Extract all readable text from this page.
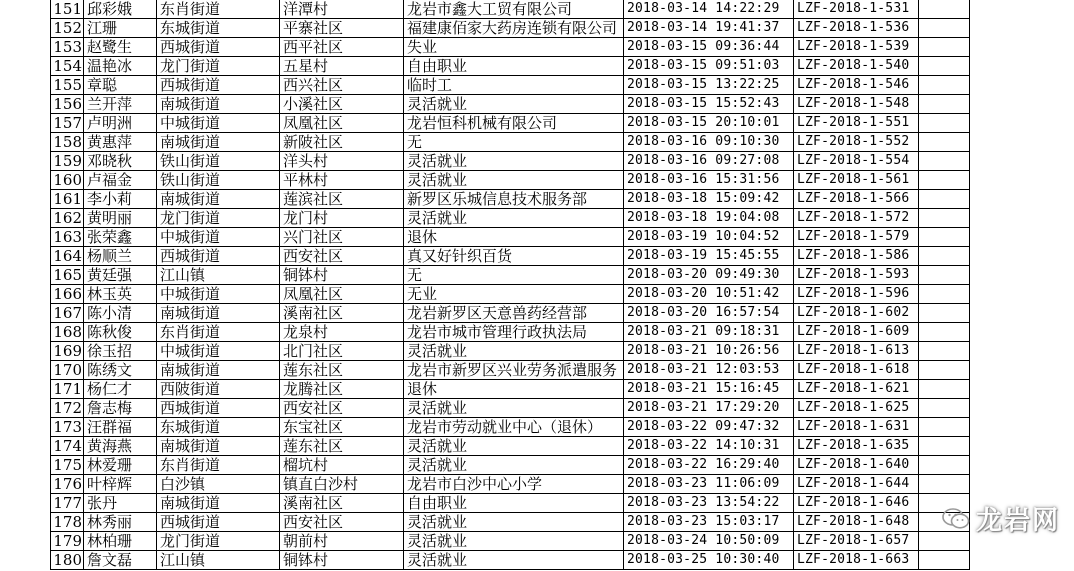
151	邱彩娥	东肖街道	洋潭村	龙岩市鑫大工贸有限公司	2018-03-14 14:22:29	LZF-2018-1-531	
152	江珊	东城街道	平寨社区	福建康佰家大药房连锁有限公司	2018-03-14 19:41:37	LZF-2018-1-536	
153	赵鹭生	西城街道	西平社区	失业	2018-03-15 09:36:44	LZF-2018-1-539	
154	温艳冰	龙门街道	五星村	自由职业	2018-03-15 09:51:03	LZF-2018-1-540	
155	章聪	西城街道	西兴社区	临时工	2018-03-15 13:22:25	LZF-2018-1-546	
156	兰开萍	南城街道	小溪社区	灵活就业	2018-03-15 15:52:43	LZF-2018-1-548	
157	卢明洲	中城街道	凤凰社区	龙岩恒科机械有限公司	2018-03-15 20:10:01	LZF-2018-1-551	
158	黄惠萍	南城街道	新陂社区	无	2018-03-16 09:10:30	LZF-2018-1-552	
159	邓晓秋	铁山街道	洋头村	灵活就业	2018-03-16 09:27:08	LZF-2018-1-554	
160	卢福金	铁山街道	平林村	灵活就业	2018-03-16 15:31:56	LZF-2018-1-561	
161	李小莉	南城街道	莲滨社区	新罗区乐城信息技术服务部	2018-03-18 15:09:42	LZF-2018-1-566	
162	黄明丽	龙门街道	龙门村	灵活就业	2018-03-18 19:04:08	LZF-2018-1-572	
163	张荣鑫	中城街道	兴门社区	退休	2018-03-19 10:04:52	LZF-2018-1-579	
164	杨顺兰	西城街道	西安社区	真又好针织百货	2018-03-19 15:45:55	LZF-2018-1-586	
165	黄廷强	江山镇	铜钵村	无	2018-03-20 09:49:30	LZF-2018-1-593	
166	林玉英	中城街道	凤凰社区	无业	2018-03-20 10:51:42	LZF-2018-1-596	
167	陈小清	南城街道	溪南社区	龙岩新罗区天意兽药经营部	2018-03-20 16:57:54	LZF-2018-1-602	
168	陈秋俊	东肖街道	龙泉村	龙岩市城市管理行政执法局	2018-03-21 09:18:31	LZF-2018-1-609	
169	徐玉招	中城街道	北门社区	灵活就业	2018-03-21 10:26:56	LZF-2018-1-613	
170	陈绣文	南城街道	莲东社区	龙岩市新罗区兴业劳务派遣服务	2018-03-21 12:03:53	LZF-2018-1-618	
171	杨仁才	西陂街道	龙腾社区	退休	2018-03-21 15:16:45	LZF-2018-1-621	
172	詹志梅	西城街道	西安社区	灵活就业	2018-03-21 17:29:20	LZF-2018-1-625	
173	汪群福	东城街道	东宝社区	龙岩市劳动就业中心（退休）	2018-03-22 09:47:32	LZF-2018-1-631	
174	黄海燕	南城街道	莲东社区	灵活就业	2018-03-22 14:10:31	LZF-2018-1-635	
175	林爱珊	东肖街道	榴坑村	灵活就业	2018-03-22 16:29:40	LZF-2018-1-640	
176	叶梓辉	白沙镇	镇直白沙村	龙岩市白沙中心小学	2018-03-23 11:06:09	LZF-2018-1-644	
177	张丹	南城街道	溪南社区	自由职业	2018-03-23 13:54:22	LZF-2018-1-646	
178	林秀丽	西城街道	西安社区	灵活就业	2018-03-23 15:03:17	LZF-2018-1-648	
179	林柏珊	龙门街道	朝前村	灵活就业	2018-03-24 10:50:09	LZF-2018-1-657	
180	詹文磊	江山镇	铜钵村	灵活就业	2018-03-25 10:30:40	LZF-2018-1-663	
龙岩网
